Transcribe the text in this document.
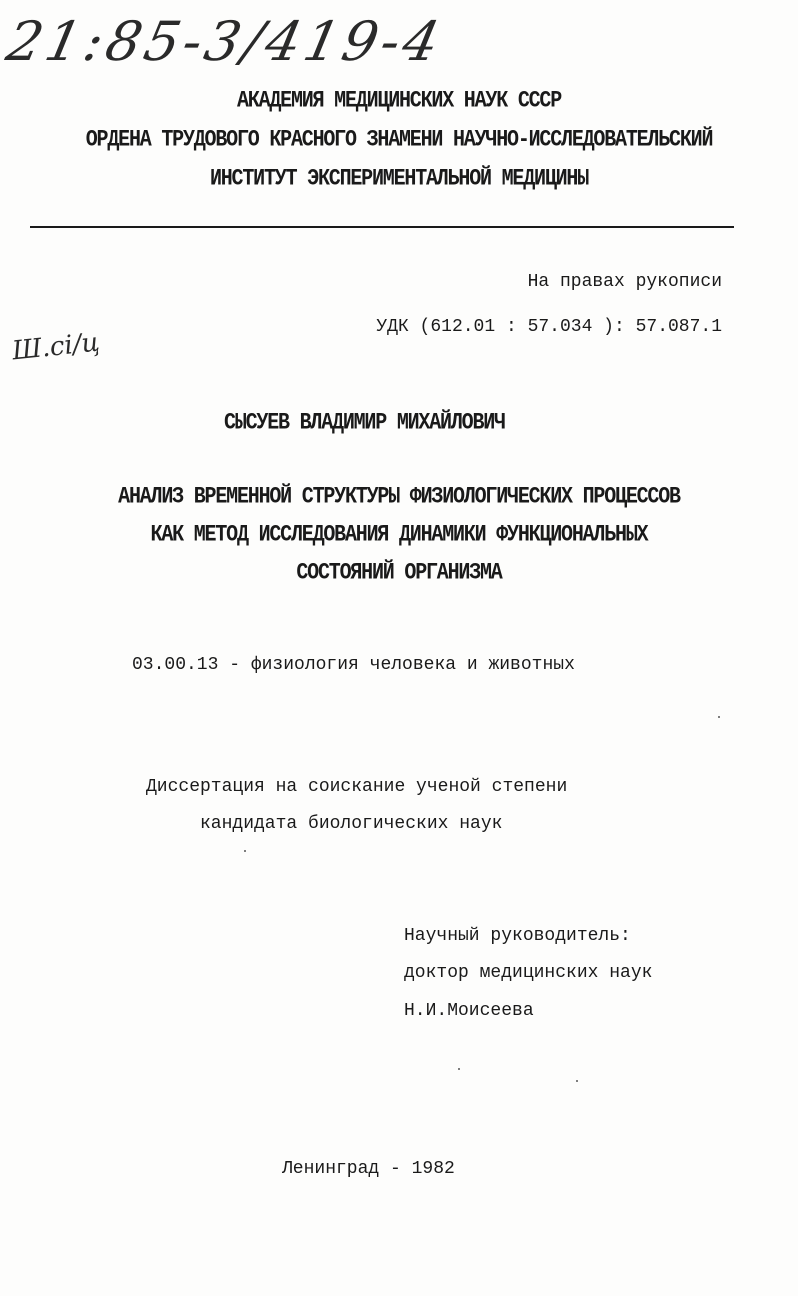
21:85-3/419-4
Ш.ci/ц
АКАДЕМИЯ МЕДИЦИНСКИХ НАУК СССР
ОРДЕНА ТРУДОВОГО КРАСНОГО ЗНАМЕНИ НАУЧНО-ИССЛЕДОВАТЕЛЬСКИЙ
ИНСТИТУТ ЭКСПЕРИМЕНТАЛЬНОЙ МЕДИЦИНЫ
На правах рукописи
УДК (612.01 : 57.034 ): 57.087.1
СЫСУЕВ ВЛАДИМИР МИХАЙЛОВИЧ
АНАЛИЗ ВРЕМЕННОЙ СТРУКТУРЫ ФИЗИОЛОГИЧЕСКИХ ПРОЦЕССОВ
КАК МЕТОД ИССЛЕДОВАНИЯ ДИНАМИКИ ФУНКЦИОНАЛЬНЫХ
СОСТОЯНИЙ ОРГАНИЗМА
03.00.13 - физиология человека и животных
Диссертация на соискание ученой степени
кандидата биологических наук
Научный руководитель:
доктор медицинских наук
Н.И.Моисеева
Ленинград - 1982
